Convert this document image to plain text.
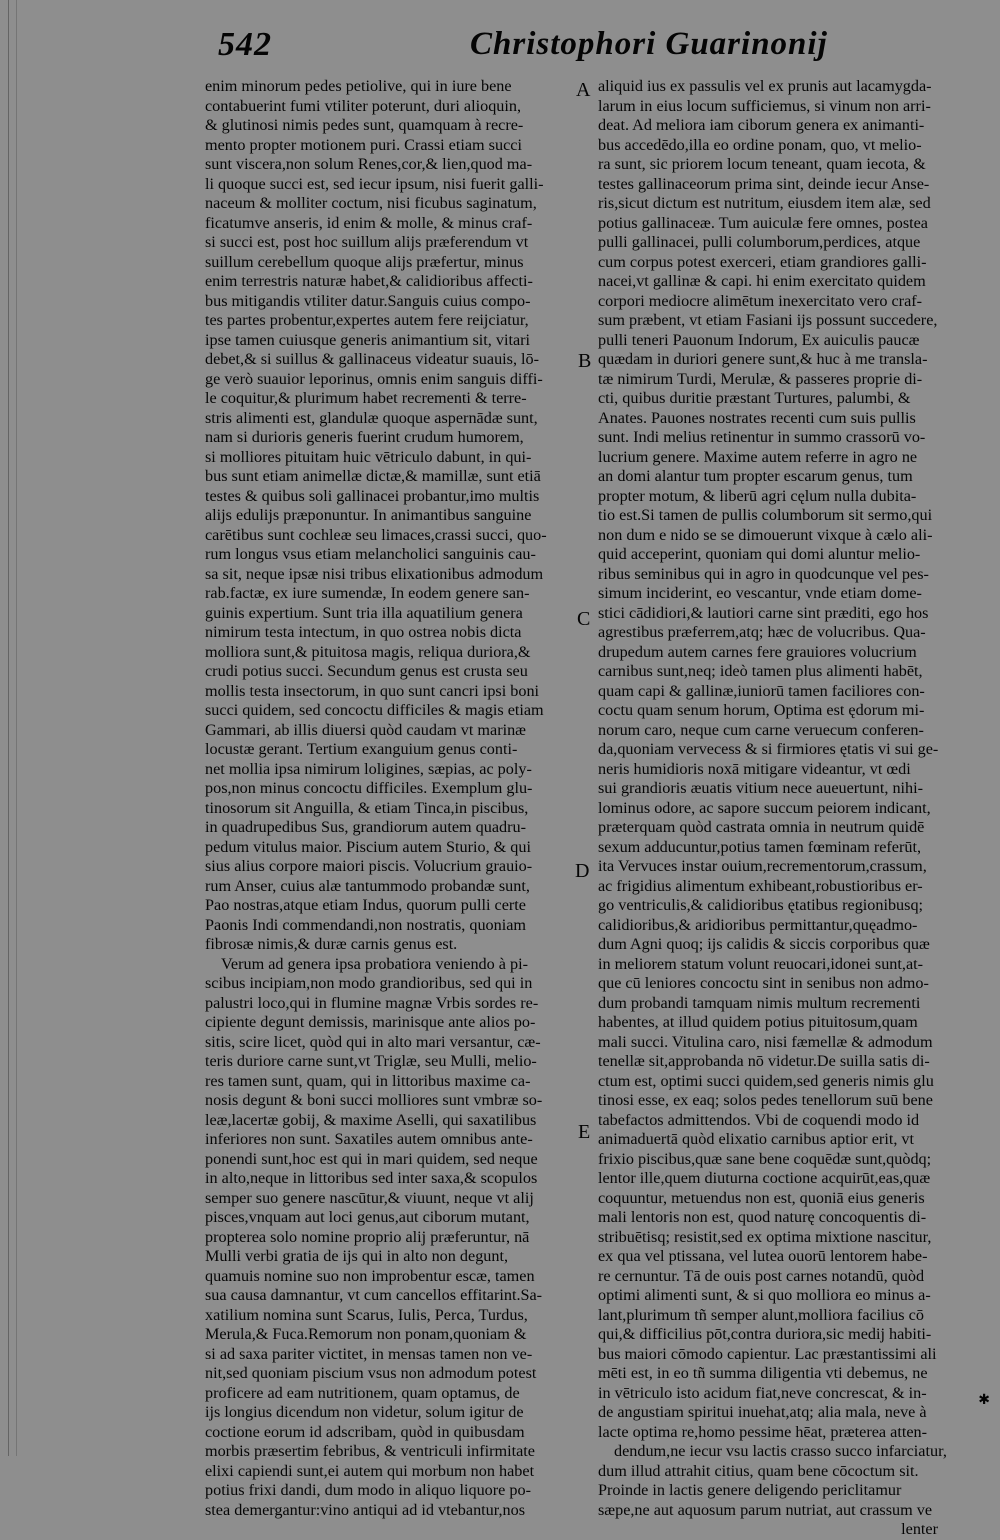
542	Christophori Guarinonij
enim minorum pedes petiolive, qui in iure bene
contabuerint fumi vtiliter poterunt, duri alioquin,
& glutinosi nimis pedes sunt, quamquam à recre-
mento propter motionem puri. Crassi etiam succi
sunt viscera,non solum Renes,cor,& lien,quod ma-
li quoque succi est, sed iecur ipsum, nisi fuerit galli-
naceum & molliter coctum, nisi ficubus saginatum,
ficatumve anseris, id enim & molle, & minus craf-
si succi est, post hoc suillum alijs præferendum vt
suillum cerebellum quoque alijs præfertur, minus
enim terrestris naturæ habet,& calidioribus affecti-
bus mitigandis vtiliter datur.Sanguis cuius compo-
tes partes probentur,expertes autem fere reijciatur,
ipse tamen cuiusque generis animantium sit, vitari
debet,& si suillus & gallinaceus videatur suauis, lō-
ge verò suauior leporinus, omnis enim sanguis diffi-
le coquitur,& plurimum habet recrementi & terre-
stris alimenti est, glandulæ quoque aspernādæ sunt,
nam si durioris generis fuerint crudum humorem,
si molliores pituitam huic vētriculo dabunt, in qui-
bus sunt etiam animellæ dictæ,& mamillæ, sunt etiā
testes & quibus soli gallinacei probantur,imo multis
alijs edulijs præponuntur. In animantibus sanguine
carētibus sunt cochleæ seu limaces,crassi succi, quo-
rum longus vsus etiam melancholici sanguinis cau-
sa sit, neque ipsæ nisi tribus elixationibus admodum
rab.factæ, ex iure sumendæ, In eodem genere san-
guinis expertium. Sunt tria illa aquatilium genera
nimirum testa intectum, in quo ostrea nobis dicta
molliora sunt,& pituitosa magis, reliqua duriora,&
crudi potius succi. Secundum genus est crusta seu
mollis testa insectorum, in quo sunt cancri ipsi boni
succi quidem, sed concoctu difficiles & magis etiam
Gammari, ab illis diuersi quòd caudam vt marinæ
locustæ gerant. Tertium exanguium genus conti-
net mollia ipsa nimirum loligines, sæpias, ac poly-
pos,non minus concoctu difficiles. Exemplum glu-
tinosorum sit Anguilla, & etiam Tinca,in piscibus,
in quadrupedibus Sus, grandiorum autem quadru-
pedum vitulus maior. Piscium autem Sturio, & qui
sius alius corpore maiori piscis. Volucrium grauio-
rum Anser, cuius alæ tantummodo probandæ sunt,
Pao nostras,atque etiam Indus, quorum pulli certe
Paonis Indi commendandi,non nostratis, quoniam
fibrosæ nimis,& duræ carnis genus est.
Verum ad genera ipsa probatiora veniendo à pi-
scibus incipiam,non modo grandioribus, sed qui in
palustri loco,qui in flumine magnæ Vrbis sordes re-
cipiente degunt demissis, marinisque ante alios po-
sitis, scire licet, quòd qui in alto mari versantur, cæ-
teris duriore carne sunt,vt Triglæ, seu Mulli, melio-
res tamen sunt, quam, qui in littoribus maxime ca-
nosis degunt & boni succi molliores sunt vmbræ so-
leæ,lacertæ gobij, & maxime Aselli, qui saxatilibus
inferiores non sunt. Saxatiles autem omnibus ante-
ponendi sunt,hoc est qui in mari quidem, sed neque
in alto,neque in littoribus sed inter saxa,& scopulos
semper suo genere nascūtur,& viuunt, neque vt alij
pisces,vnquam aut loci genus,aut ciborum mutant,
propterea solo nomine proprio alij præferuntur, nā
Mulli verbi gratia de ijs qui in alto non degunt,
quamuis nomine suo non improbentur escæ, tamen
sua causa damnantur, vt cum cancellos effitarint.Sa-
xatilium nomina sunt Scarus, Iulis, Perca, Turdus,
Merula,& Fuca.Remorum non ponam,quoniam &
si ad saxa pariter victitet, in mensas tamen non ve-
nit,sed quoniam piscium vsus non admodum potest
proficere ad eam nutritionem, quam optamus, de
ijs longius dicendum non videtur, solum igitur de
coctione eorum id adscribam, quòd in quibusdam
morbis præsertim febribus, & ventriculi infirmitate
elixi capiendi sunt,ei autem qui morbum non habet
potius frixi dandi, dum modo in aliquo liquore po-
stea demergantur:vino antiqui ad id vtebantur,nos
A
B
C
D
E
aliquid ius ex passulis vel ex prunis aut lacamygda-
larum in eius locum sufficiemus, si vinum non arri-
deat. Ad meliora iam ciborum genera ex animanti-
bus accedēdo,illa eo ordine ponam, quo, vt melio-
ra sunt, sic priorem locum teneant, quam iecota, &
testes gallinaceorum prima sint, deinde iecur Anse-
ris,sicut dictum est nutritum, eiusdem item alæ, sed
potius gallinaceæ. Tum auiculæ fere omnes, postea
pulli gallinacei, pulli columborum,perdices, atque
cum corpus potest exerceri, etiam grandiores galli-
nacei,vt gallinæ & capi. hi enim exercitato quidem
corpori mediocre alimētum inexercitato vero craf-
sum præbent, vt etiam Fasiani ijs possunt succedere,
pulli teneri Pauonum Indorum, Ex auiculis paucæ
quædam in duriori genere sunt,& huc à me transla-
tæ nimirum Turdi, Merulæ, & passeres proprie di-
cti, quibus duritie præstant Turtures, palumbi, &
Anates. Pauones nostrates recenti cum suis pullis
sunt. Indi melius retinentur in summo crassorū vo-
lucrium genere. Maxime autem referre in agro ne
an domi alantur tum propter escarum genus, tum
propter motum, & liberū agri cęlum nulla dubita-
tio est.Si tamen de pullis columborum sit sermo,qui
non dum e nido se se dimouerunt vixque à cælo ali-
quid acceperint, quoniam qui domi aluntur melio-
ribus seminibus qui in agro in quodcunque vel pes-
simum inciderint, eo vescantur, vnde etiam dome-
stici cādidiori,& lautiori carne sint præditi, ego hos
agrestibus præferrem,atq; hæc de volucribus. Qua-
drupedum autem carnes fere grauiores volucrium
carnibus sunt,neq; ideò tamen plus alimenti habēt,
quam capi & gallinæ,iuniorū tamen faciliores con-
coctu quam senum horum, Optima est ędorum mi-
norum caro, neque cum carne veruecum conferen-
da,quoniam vervecess & si firmiores ętatis vi sui ge-
neris humidioris noxā mitigare videantur, vt œdi
sui grandioris æuatis vitium nece aueuertunt, nihi-
lominus odore, ac sapore succum peiorem indicant,
præterquam quòd castrata omnia in neutrum quidē
sexum adducuntur,potius tamen fœminam referūt,
ita Vervuces instar ouium,recrementorum,crassum,
ac frigidius alimentum exhibeant,robustioribus er-
go ventriculis,& calidioribus ętatibus regionibusq;
calidioribus,& aridioribus permittantur,quęadmo-
dum Agni quoq; ijs calidis & siccis corporibus quæ
in meliorem statum volunt reuocari,idonei sunt,at-
que cū leniores concoctu sint in senibus non admo-
dum probandi tamquam nimis multum recrementi
habentes, at illud quidem potius pituitosum,quam
mali succi. Vitulina caro, nisi fæmellæ & admodum
tenellæ sit,approbanda nō videtur.De suilla satis di-
ctum est, optimi succi quidem,sed generis nimis glu
tinosi esse, ex eaq; solos pedes tenellorum suū bene
tabefactos admittendos. Vbi de coquendi modo id
animaduertā quòd elixatio carnibus aptior erit, vt
frixio piscibus,quæ sane bene coquēdæ sunt,quòdq;
lentor ille,quem diuturna coctione acquirūt,eas,quæ
coquuntur, metuendus non est, quoniā eius generis
mali lentoris non est, quod naturę concoquentis di-
stribuētisq; resistit,sed ex optima mixtione nascitur,
ex qua vel ptissana, vel lutea ouorū lentorem habe-
re cernuntur. Tā de ouis post carnes notandū, quòd
optimi alimenti sunt, & si quo molliora eo minus a-
lant,plurimum tñ semper alunt,molliora facilius cō
qui,& difficilius pōt,contra duriora,sic medij habiti-
bus maiori cōmodo capientur. Lac præstantissimi ali
mēti est, in eo tñ summa diligentia vti debemus, ne
in vētriculo isto acidum fiat,neve concrescat, & in-
de angustiam spiritui inuehat,atq; alia mala, neve à
lacte optima re,homo pessime hēat, præterea atten-
dendum,ne iecur vsu lactis crasso succo infarciatur,
dum illud attrahit citius, quam bene cōcoctum sit.
Proinde in lactis genere deligendo periclitamur
sæpe,ne aut aquosum parum nutriat, aut crassum ve
lenter
✱
